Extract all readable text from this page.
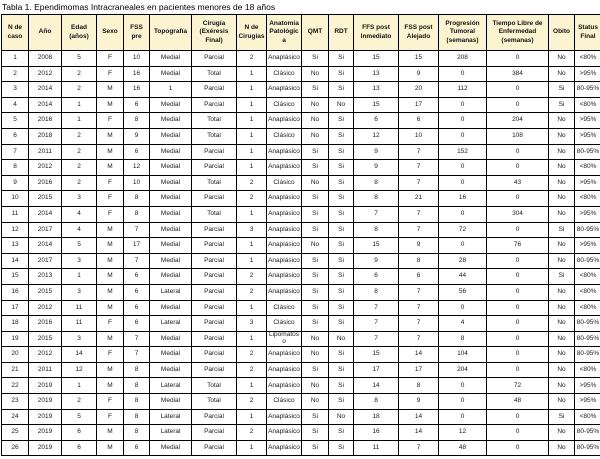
Tabla 1. Ependimomas Intracraneales en pacientes menores de 18 años
N de caso	Año	Edad (años)	Sexo	FSS pre	Topografía	Cirugía (Exéresis Final)	N de Cirugías	Anatomía Patológica	QMT	RDT	FFS post Inmediato	FSS post Alejado	Progresión Tumoral (semanas)	Tiempo Libre de Enfermedad (semanas)	Obito	Status Final
1	2008	5	F	10	Medial	Parcial	2	Anaplásico	Si	Si	15	15	208	0	No	<80%
2	2012	2	F	16	Medial	Total	1	Clásico	No	Si	13	9	0	384	No	>95%
3	2014	2	M	16	1	Parcial	1	Anaplásico	Si	Si	13	20	112	0	Si	80-95%
4	2014	1	M	6	Medial	Parcial	1	Clásico	No	No	15	17	0	0	Si	<80%
5	2016	1	F	8	Medial	Total	1	Anaplásico	No	Si	6	6	0	204	No	>95%
6	2018	2	M	9	Medial	Total	1	Clásico	No	Si	12	10	0	108	No	>95%
7	2011	2	M	6	Medial	Parcial	1	Anaplásico	Si	Si	9	7	152	0	No	80-95%
8	2012	2	M	12	Medial	Parcial	1	Anaplásico	Si	Si	9	7	0	0	No	<80%
9	2016	2	F	10	Medial	Total	2	Clásico	No	Si	8	7	0	43	No	>95%
10	2015	3	F	8	Medial	Parcial	2	Anaplásico	Si	Si	8	21	16	0	No	<80%
11	2014	4	F	8	Medial	Total	1	Anaplásico	Si	Si	7	7	0	304	No	>95%
12	2017	4	M	7	Medial	Parcial	3	Anaplásico	Si	Si	8	7	72	0	Si	80-95%
13	2014	5	M	17	Medial	Parcial	1	Anaplásico	No	Si	15	9	0	76	No	>95%
14	2017	3	M	7	Medial	Parcial	1	Anaplásico	Si	Si	9	8	28	0	No	80-95%
15	2013	1	M	6	Medial	Parcial	2	Anaplásico	Si	Si	6	6	44	0	Si	<80%
16	2015	3	M	6	Lateral	Parcial	2	Anaplásico	Si	Si	8	7	56	0	No	<80%
17	2012	11	M	6	Medial	Parcial	1	Clásico	Si	Si	7	7	0	0	No	<80%
18	2016	11	F	6	Lateral	Parcial	3	Clásico	Si	Si	7	7	4	0	No	80-95%
19	2015	3	M	7	Medial	Parcial	1	Lipomatoso	No	No	7	7	8	0	No	80-95%
20	2012	14	F	7	Medial	Parcial	2	Anaplásico	No	Si	15	14	104	0	No	80-95%
21	2011	12	M	8	Medial	Parcial	2	Anaplásico	Si	Si	17	17	204	0	No	<80%
22	2019	1	M	8	Lateral	Total	1	Anaplásico	No	Si	14	8	0	72	No	>95%
23	2019	2	F	8	Medial	Total	2	Clásico	No	Si	8	9	0	48	No	>95%
24	2019	5	F	8	Lateral	Parcial	1	Anaplásico	Si	No	18	14	0	0	Si	<80%
25	2019	6	M	8	Lateral	Parcial	2	Anaplásico	Si	Si	16	14	12	0	No	80-95%
26	2019	6	M	6	Medial	Parcial	1	Anaplásico	Si	Si	11	7	48	0	No	80-95%
